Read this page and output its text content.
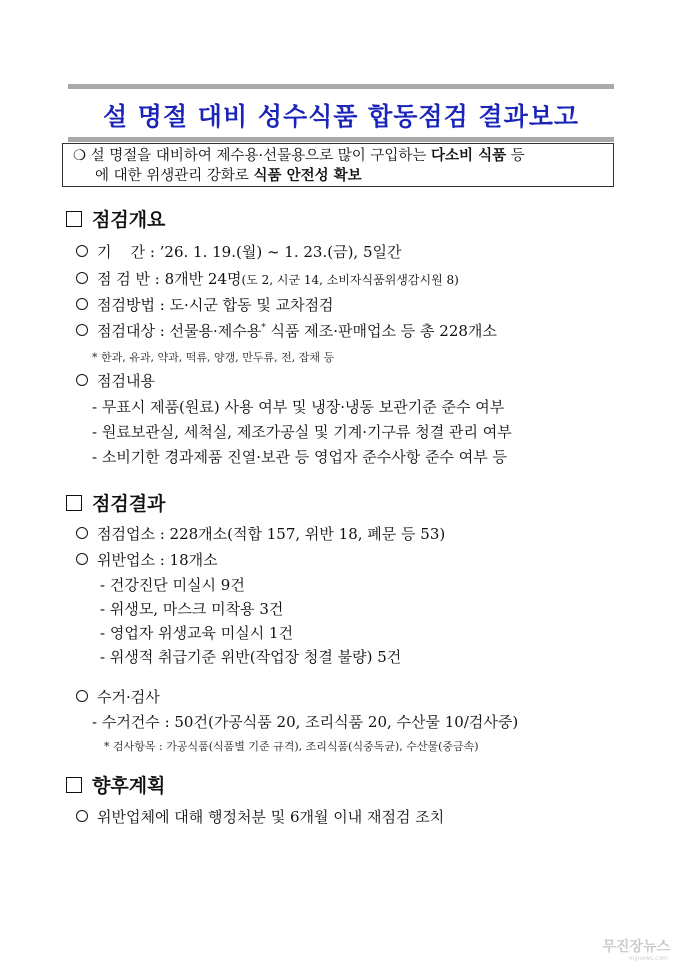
설 명절 대비 성수식품 합동점검 결과보고
❍ 설 명절을 대비하여 제수용·선물용으로 많이 구입하는 다소비 식품 등
에 대한 위생관리 강화로 식품 안전성 확보
점검개요
기    간 : ’26. 1. 19.(월) ~ 1. 23.(금), 5일간
점 검 반 : 8개반 24명(도 2, 시군 14, 소비자식품위생감시원 8)
점검방법 : 도·시군 합동 및 교차점검
점검대상 : 선물용·제수용* 식품 제조·판매업소 등 총 228개소
* 한과, 유과, 약과, 떡류, 양갱, 만두류, 전, 잡채 등
점검내용
- 무표시 제품(원료) 사용 여부 및 냉장·냉동 보관기준 준수 여부
- 원료보관실, 세척실, 제조가공실 및 기계·기구류 청결 관리 여부
- 소비기한 경과제품 진열·보관 등 영업자 준수사항 준수 여부 등
점검결과
점검업소 : 228개소(적합 157, 위반 18, 폐문 등 53)
위반업소 : 18개소
- 건강진단 미실시 9건
- 위생모, 마스크 미착용 3건
- 영업자 위생교육 미실시 1건
- 위생적 취급기준 위반(작업장 청결 불량) 5건
수거·검사
- 수거건수 : 50건(가공식품 20, 조리식품 20, 수산물 10/검사중)
* 검사항목 : 가공식품(식품별 기준 규격), 조리식품(식중독균), 수산물(중금속)
향후계획
위반업체에 대해 행정처분 및 6개월 이내 재점검 조치
무진장뉴스
mjjnews.com
